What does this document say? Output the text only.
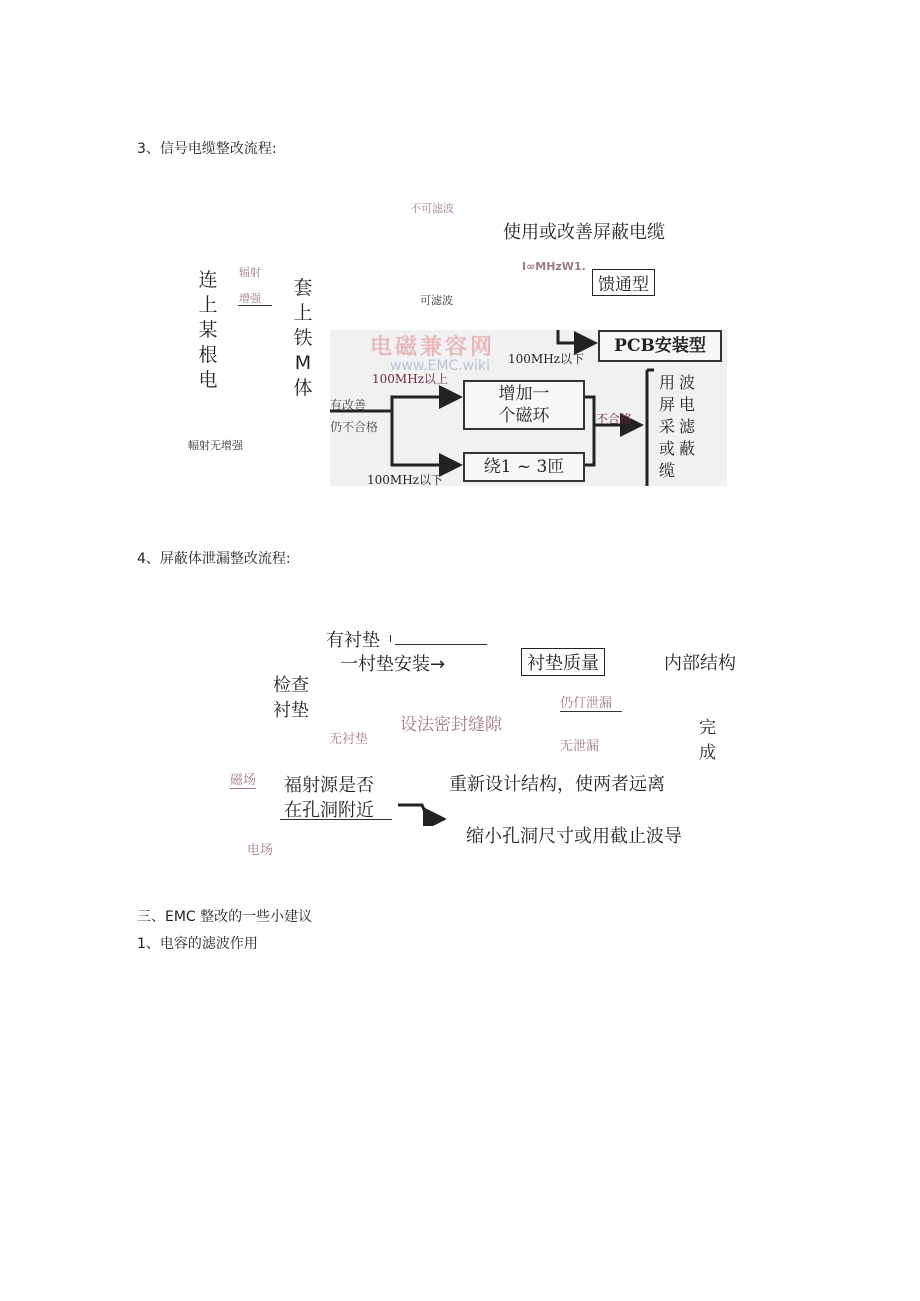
3、信号电缆整改流程:
不可滤波
使用或改善屏蔽电缆
I∞MHzW1.
馈通型
辐射
增强
连上某根电
套上铁M体
可滤波
幅射无增强
电磁兼容网
www.EMC.wiki
PCB安装型
100MHz以下
100MHz以上
有改善
仍不合格
增加一
个磁环
绕1 ~ 3匝
100MHz以下
不合格
用屏采或缆
波电滤蔽
4、屏蔽体泄漏整改流程:
有衬垫 I
一村垫安装→	衬垫质量	内部结构
检查
衬垫	仍仃泄漏
设法密封缝隙	完成
无衬垫	无泄漏
磁场 福射源是否
在孔洞附近
重新设计结构，使两者远离
缩小孔洞尺寸或用截止波导
电场
三、EMC 整改的一些小建议
1、电容的滤波作用
